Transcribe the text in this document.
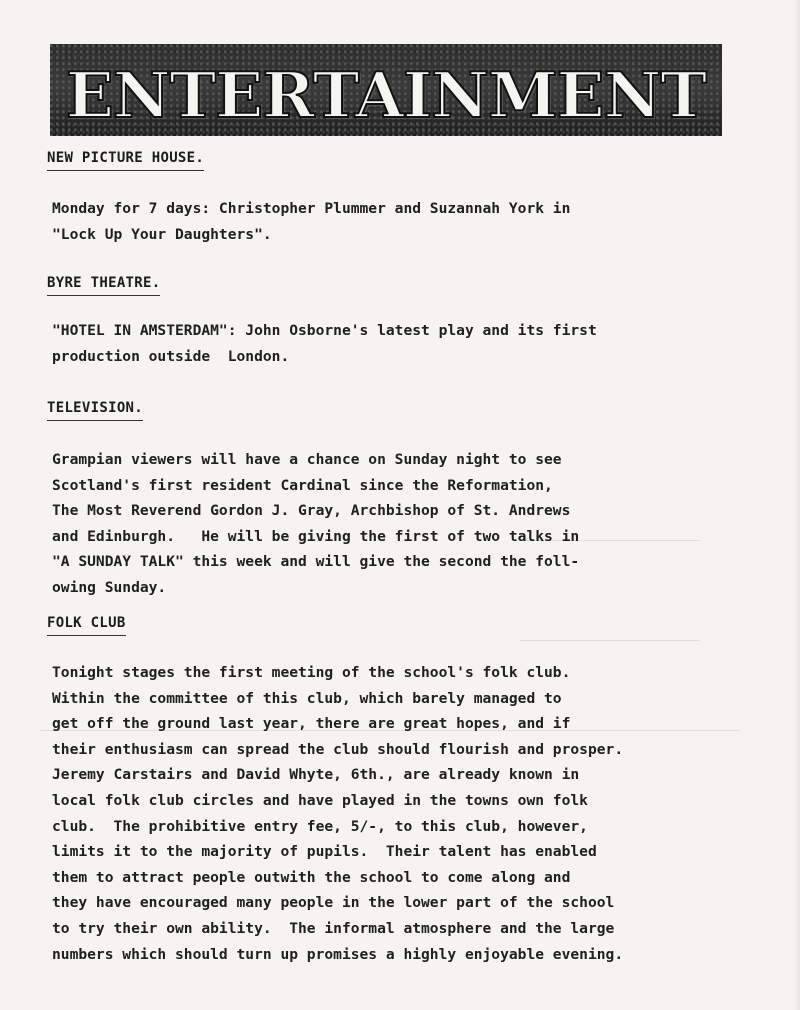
ENTERTAINMENT
NEW PICTURE HOUSE.
Monday for 7 days: Christopher Plummer and Suzannah York in
"Lock Up Your Daughters".
BYRE THEATRE.
"HOTEL IN AMSTERDAM": John Osborne's latest play and its first
production outside  London.
TELEVISION.
Grampian viewers will have a chance on Sunday night to see
Scotland's first resident Cardinal since the Reformation,
The Most Reverend Gordon J. Gray, Archbishop of St. Andrews
and Edinburgh.   He will be giving the first of two talks in
"A SUNDAY TALK" this week and will give the second the foll-
owing Sunday.
FOLK CLUB
Tonight stages the first meeting of the school's folk club.
Within the committee of this club, which barely managed to
get off the ground last year, there are great hopes, and if
their enthusiasm can spread the club should flourish and prosper.
Jeremy Carstairs and David Whyte, 6th., are already known in
local folk club circles and have played in the towns own folk
club.  The prohibitive entry fee, 5/-, to this club, however,
limits it to the majority of pupils.  Their talent has enabled
them to attract people outwith the school to come along and
they have encouraged many people in the lower part of the school
to try their own ability.  The informal atmosphere and the large
numbers which should turn up promises a highly enjoyable evening.
